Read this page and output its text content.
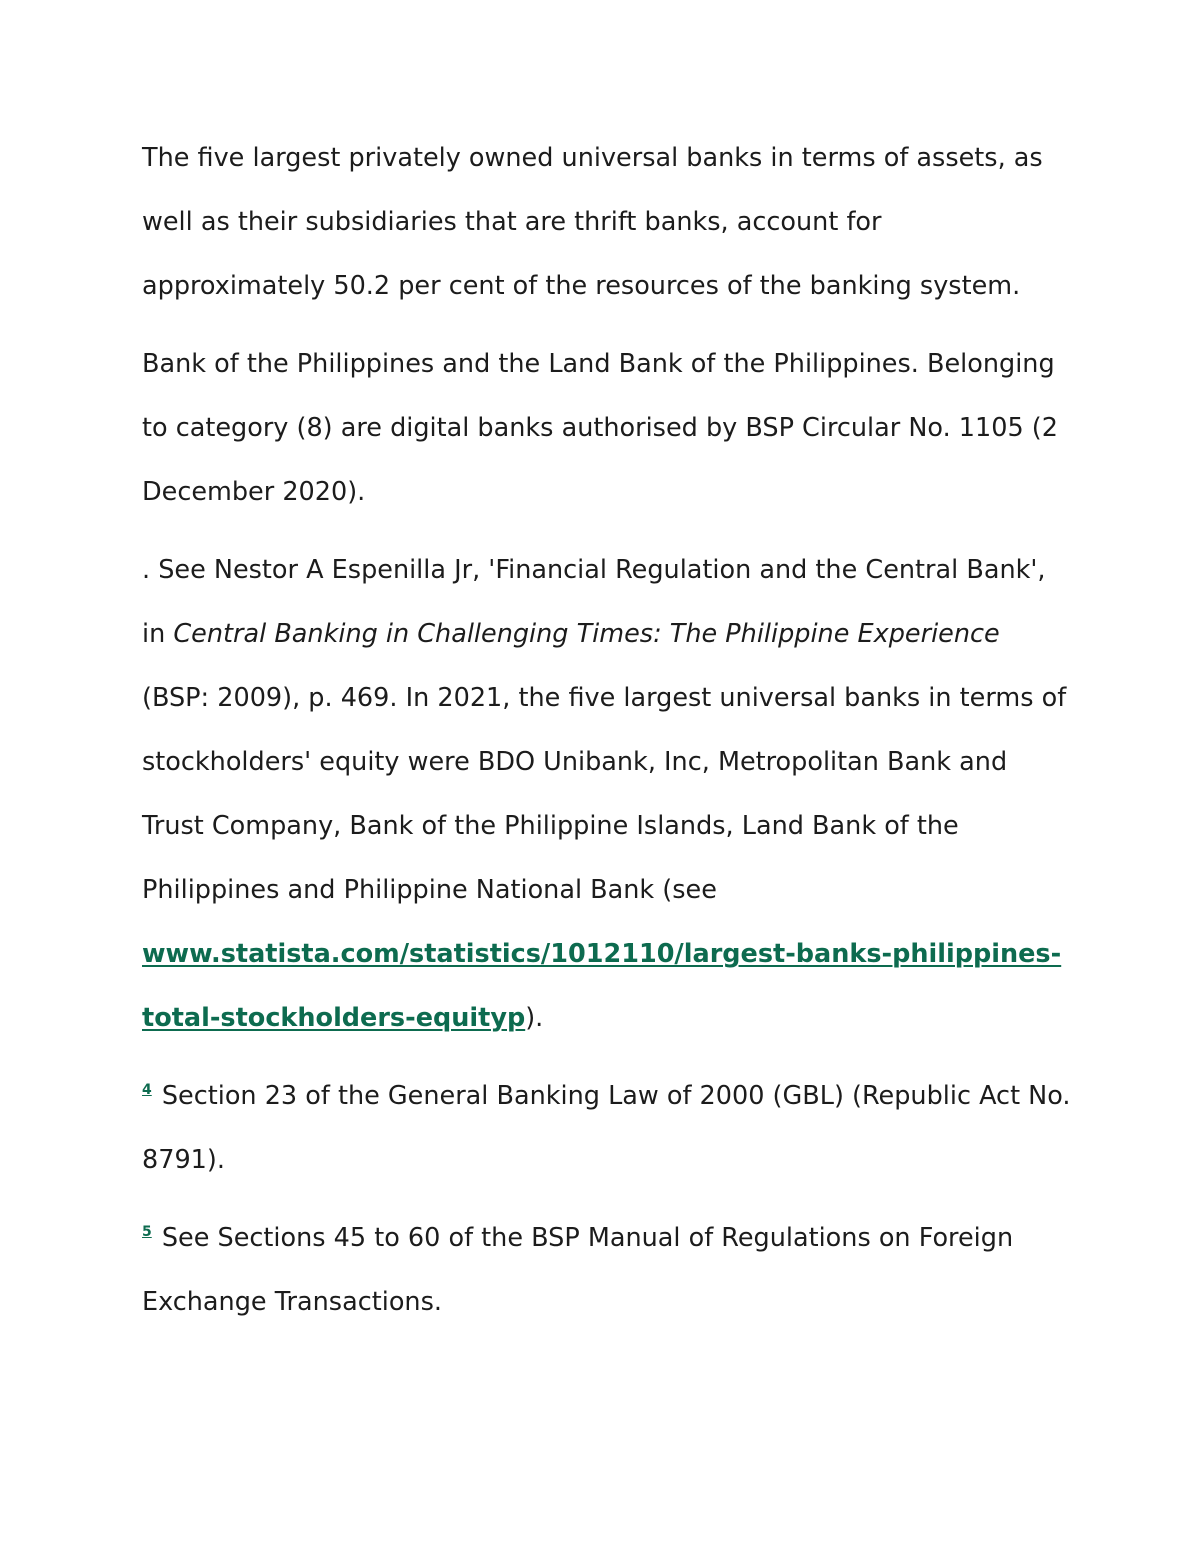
The five largest privately owned universal banks in terms of assets, as well as their subsidiaries that are thrift banks, account for approximately 50.2 per cent of the resources of the banking system.

Bank of the Philippines and the Land Bank of the Philippines. Belonging to category (8) are digital banks authorised by BSP Circular No. 1105 (2 December 2020).

. See Nestor A Espenilla Jr, 'Financial Regulation and the Central Bank', in Central Banking in Challenging Times: The Philippine Experience (BSP: 2009), p. 469. In 2021, the five largest universal banks in terms of stockholders' equity were BDO Unibank, Inc, Metropolitan Bank and Trust Company, Bank of the Philippine Islands, Land Bank of the Philippines and Philippine National Bank (see www.statista.com/statistics/1012110/largest-banks-philippines-total-stockholders-equityp).

$^4$ Section 23 of the General Banking Law of 2000 (GBL) (Republic Act No. 8791).

$^5$ See Sections 45 to 60 of the BSP Manual of Regulations on Foreign Exchange Transactions.
